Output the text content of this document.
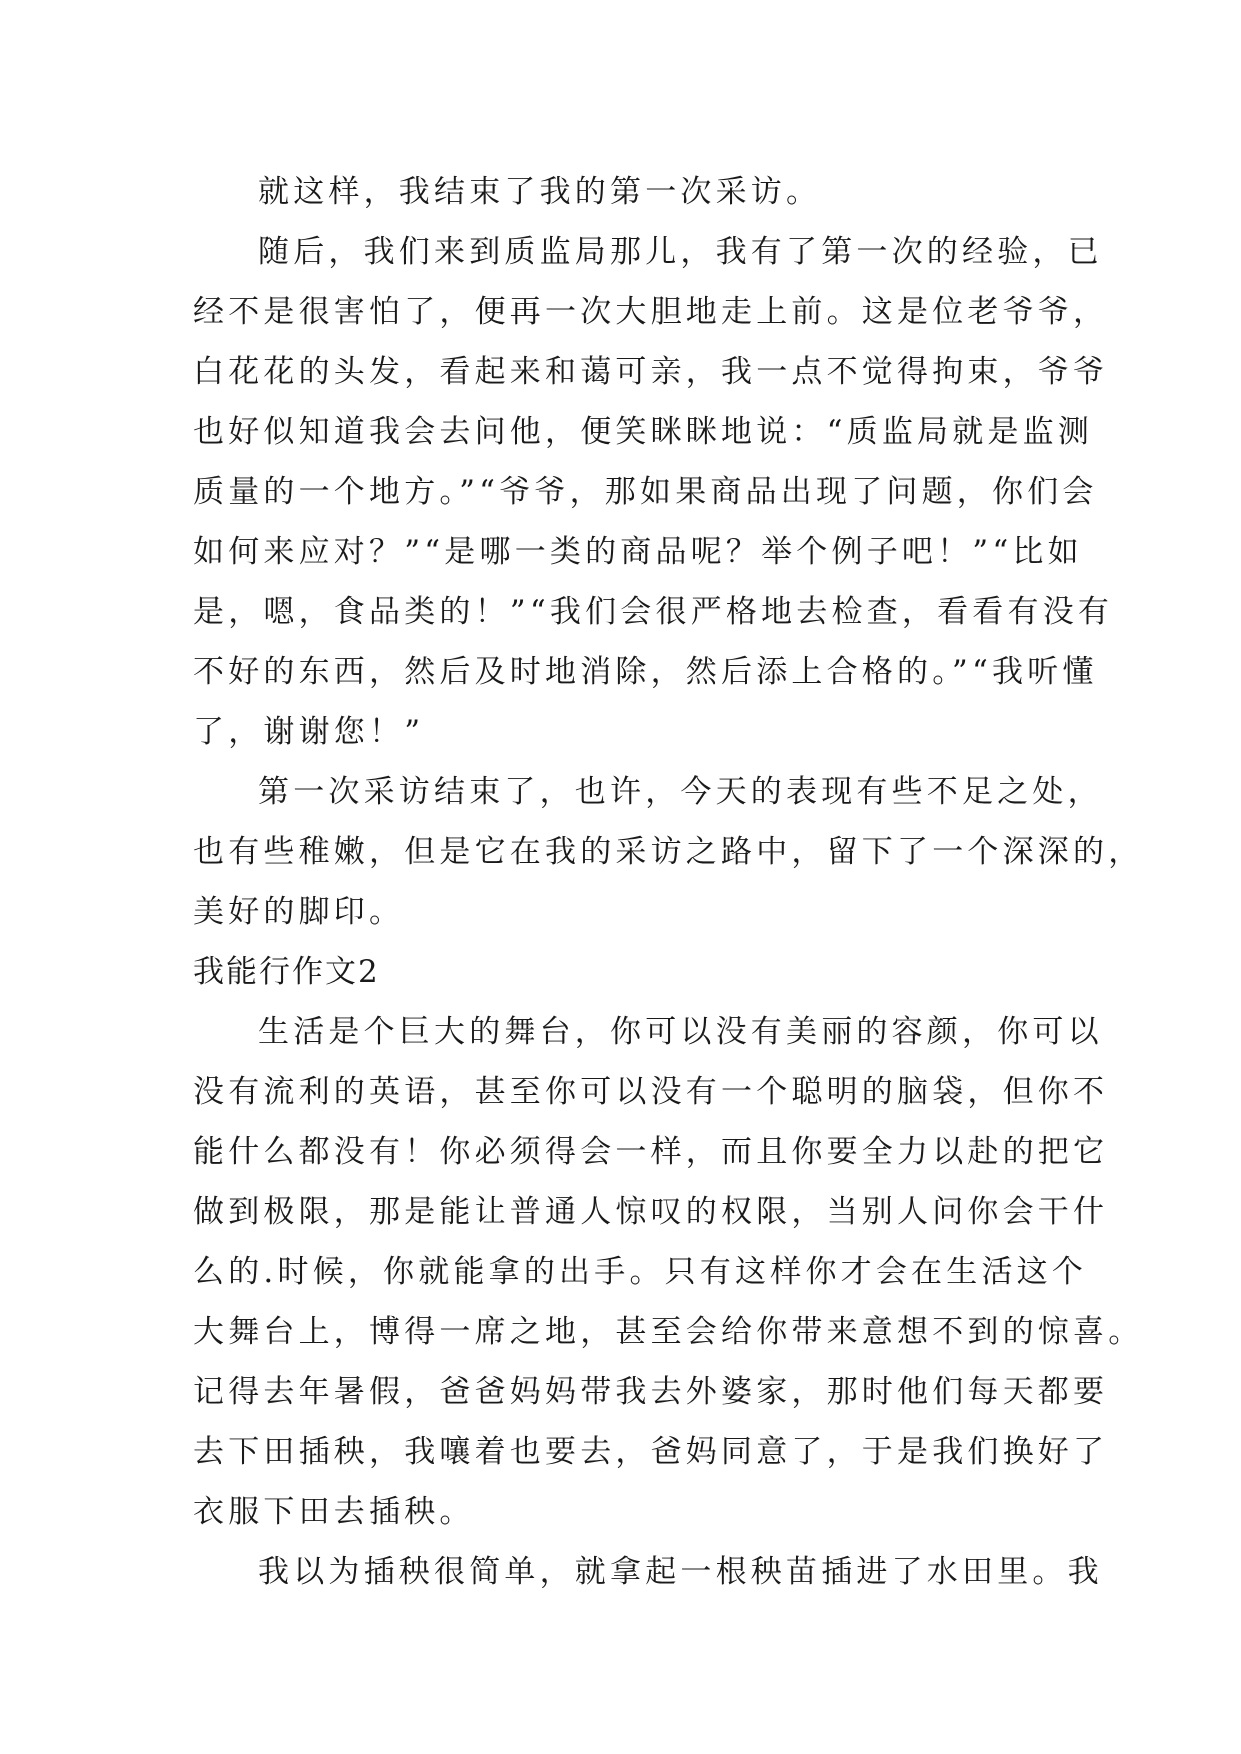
就这样，我结束了我的第一次采访。
随后，我们来到质监局那儿，我有了第一次的经验，已
经不是很害怕了，便再一次大胆地走上前。这是位老爷爷，
白花花的头发，看起来和蔼可亲，我一点不觉得拘束，爷爷
也好似知道我会去问他，便笑眯眯地说：“质监局就是监测
质量的一个地方。”“爷爷，那如果商品出现了问题，你们会
如何来应对？”“是哪一类的商品呢？举个例子吧！”“比如
是，嗯，食品类的！”“我们会很严格地去检查，看看有没有
不好的东西，然后及时地消除，然后添上合格的。”“我听懂
了，谢谢您！”
第一次采访结束了，也许，今天的表现有些不足之处，
也有些稚嫩，但是它在我的采访之路中，留下了一个深深的，
美好的脚印。
我能行作文2
生活是个巨大的舞台，你可以没有美丽的容颜，你可以
没有流利的英语，甚至你可以没有一个聪明的脑袋，但你不
能什么都没有！你必须得会一样，而且你要全力以赴的把它
做到极限，那是能让普通人惊叹的权限，当别人问你会干什
么的.时候，你就能拿的出手。只有这样你才会在生活这个
大舞台上，博得一席之地，甚至会给你带来意想不到的惊喜。
记得去年暑假，爸爸妈妈带我去外婆家，那时他们每天都要
去下田插秧，我嚷着也要去，爸妈同意了，于是我们换好了
衣服下田去插秧。
我以为插秧很简单，就拿起一根秧苗插进了水田里。我
